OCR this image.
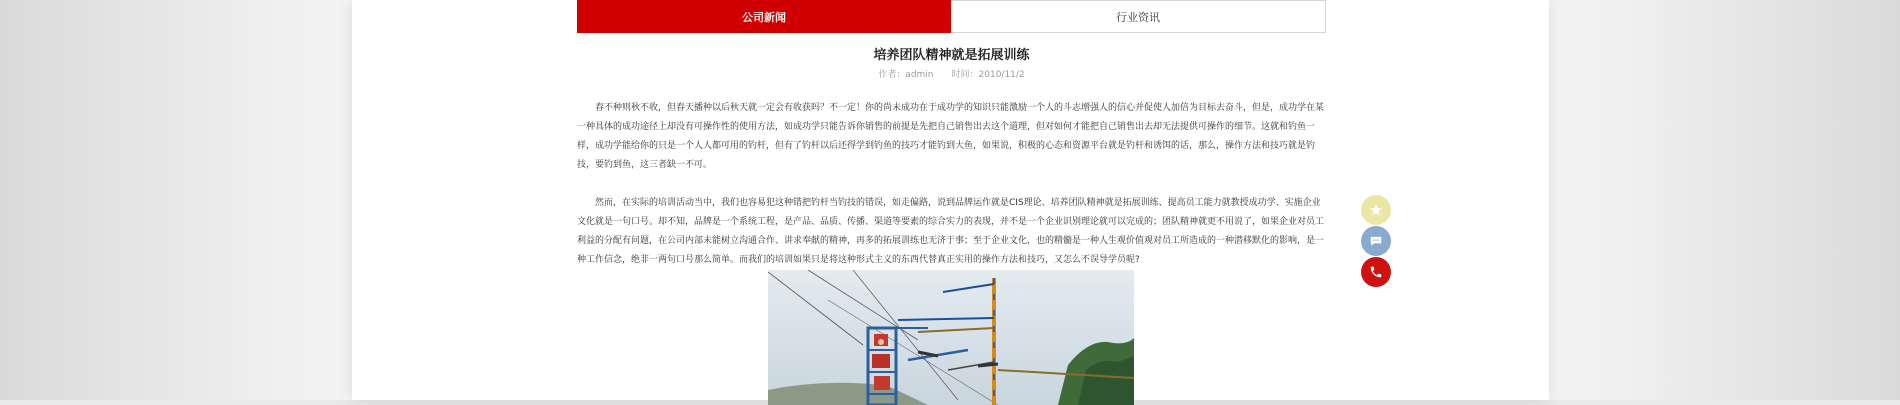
公司新闻	行业资讯
培养团队精神就是拓展训练
作者：admin 时间：2010/11/2

春不种则秋不收，但春天播种以后秋天就一定会有收获吗？不一定！你的尚未成功在于成功学的知识只能激励一个人的斗志增强人的信心并促使人加倍为目标去奋斗，但是，成功学在某一种具体的成功途径上却没有可操作性的使用方法，如成功学只能告诉你销售的前提是先把自己销售出去这个道理，但对如何才能把自己销售出去却无法提供可操作的细节。这就和钓鱼一样，成功学能给你的只是一个人人都可用的钓杆，但有了钓杆以后还得学到钓鱼的技巧才能钓到大鱼，如果说，积极的心态和资源平台就是钓杆和诱饵的话，那么，操作方法和技巧就是钓技，要钓到鱼，这三者缺一不可。

然而，在实际的培训活动当中，我们也容易犯这种错把钓杆当钓技的错误，如走偏路，说到品牌运作就是CIS理论、培养团队精神就是拓展训练、提高员工能力就教授成功学、实施企业文化就是一句口号。却不知，品牌是一个系统工程，是产品、品质、传播、渠道等要素的综合实力的表现，并不是一个企业识别理论就可以完成的；团队精神就更不用说了，如果企业对员工利益的分配有问题，在公司内部未能树立沟通合作、讲求奉献的精神，再多的拓展训练也无济于事；至于企业文化，也的精髓是一种人生观价值观对员工所造成的一种潜移默化的影响，是一种工作信念，绝非一两句口号那么简单。而我们的培训如果只是将这种形式主义的东西代替真正实用的操作方法和技巧，又怎么不误导学员呢?
